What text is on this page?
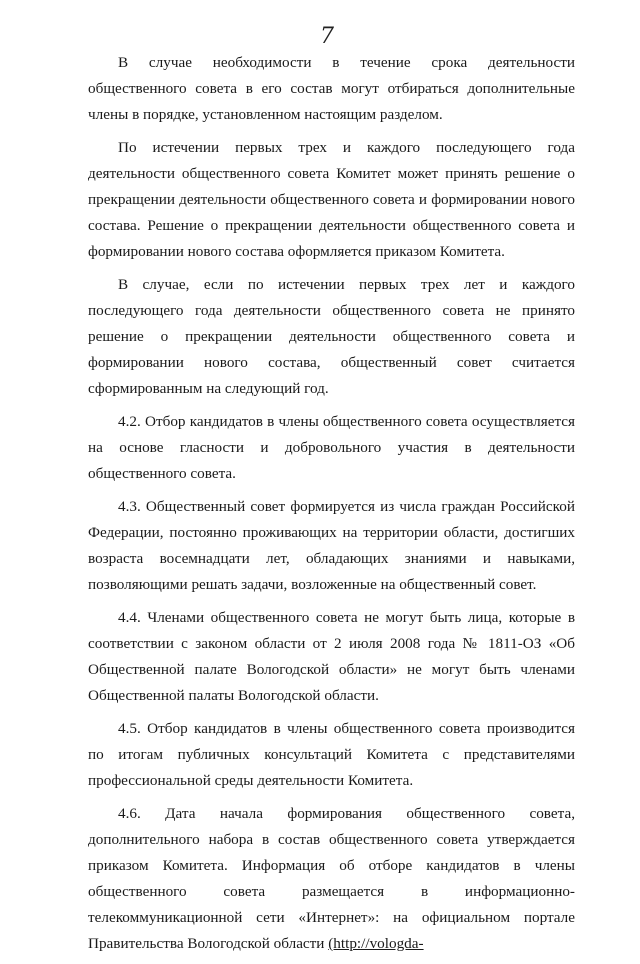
7

В случае необходимости в течение срока деятельности общественного совета в его состав могут отбираться дополнительные члены в порядке, установленном настоящим разделом.

По истечении первых трех и каждого последующего года деятельности общественного совета Комитет может принять решение о прекращении деятельности общественного совета и формировании нового состава. Решение о прекращении деятельности общественного совета и формировании нового состава оформляется приказом Комитета.

В случае, если по истечении первых трех лет и каждого последующего года деятельности общественного совета не принято решение о прекращении деятельности общественного совета и формировании нового состава, общественный совет считается сформированным на следующий год.

4.2. Отбор кандидатов в члены общественного совета осуществляется на основе гласности и добровольного участия в деятельности общественного совета.

4.3. Общественный совет формируется из числа граждан Российской Федерации, постоянно проживающих на территории области, достигших возраста восемнадцати лет, обладающих знаниями и навыками, позволяющими решать задачи, возложенные на общественный совет.

4.4. Членами общественного совета не могут быть лица, которые в соответствии с законом области от 2 июля 2008 года № 1811-ОЗ «Об Общественной палате Вологодской области» не могут быть членами Общественной палаты Вологодской области.

4.5. Отбор кандидатов в члены общественного совета производится по итогам публичных консультаций Комитета с представителями профессиональной среды деятельности Комитета.

4.6. Дата начала формирования общественного совета, дополнительного набора в состав общественного совета утверждается приказом Комитета. Информация об отборе кандидатов в члены общественного совета размещается в информационно-телекоммуникационной сети «Интернет»: на официальном портале Правительства Вологодской области (http://vologda-
